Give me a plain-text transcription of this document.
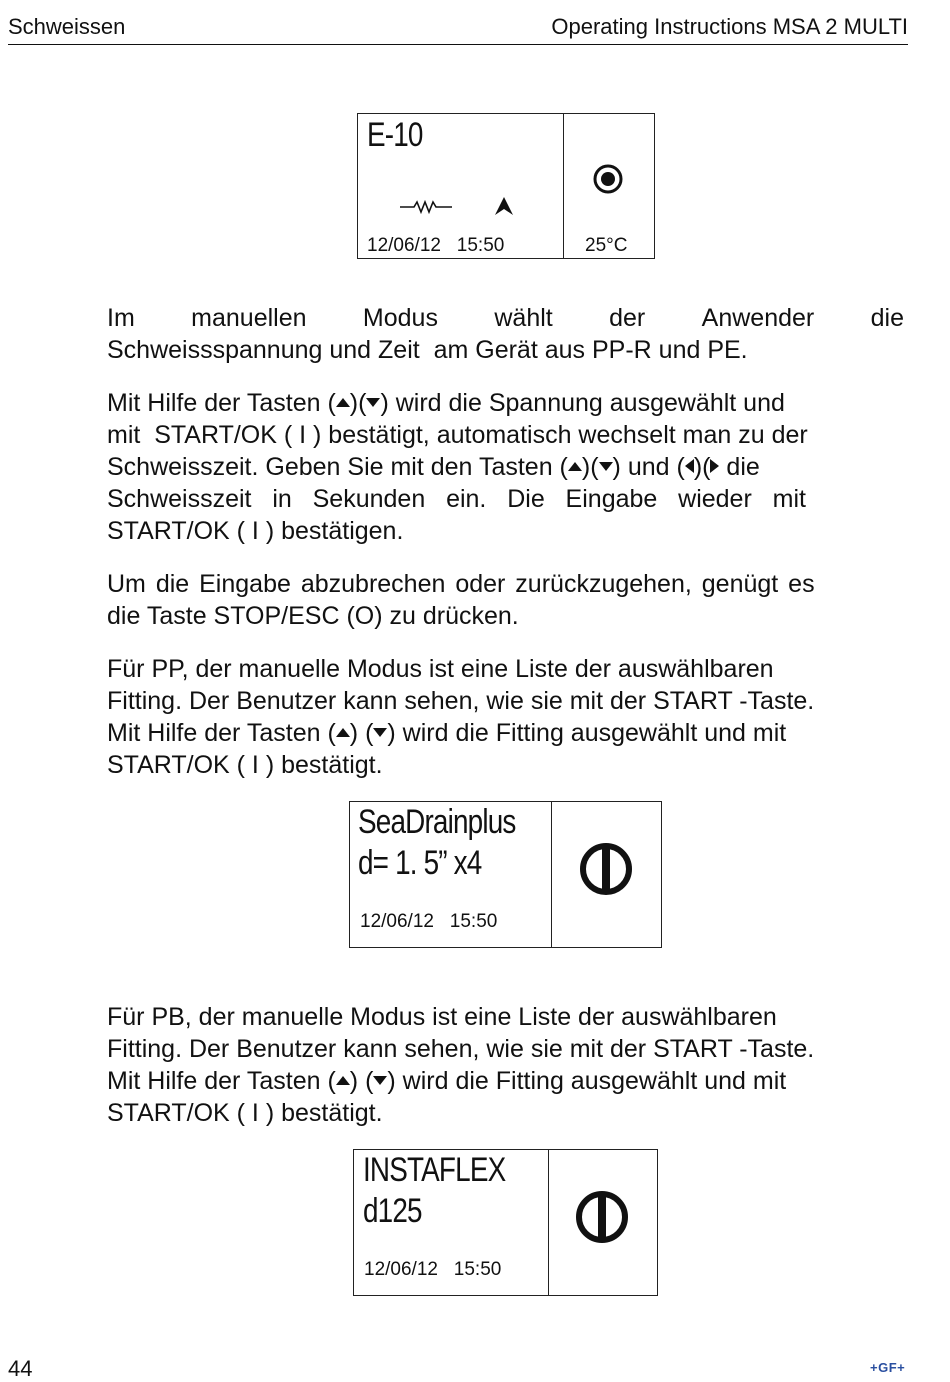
Schweissen	Operating Instructions MSA 2 MULTI
E-10
12/06/12   15:50	25°C
Im manuellen Modus wählt der Anwender die
Schweissspannung und Zeit  am Gerät aus PP-R und PE.
Mit Hilfe der Tasten ( )( ) wird die Spannung ausgewählt und
mit  START/OK ( I ) bestätigt, automatisch wechselt man zu der
Schweisszeit. Geben Sie mit den Tasten ( )( ) und ( )( die
Schweisszeit   in   Sekunden   ein.   Die   Eingabe   wieder   mit
START/OK ( I ) bestätigen.
Um die Eingabe abzubrechen oder zurückzugehen, genügt es
die Taste STOP/ESC (O) zu drücken.
Für PP, der manuelle Modus ist eine Liste der auswählbaren
Fitting. Der Benutzer kann sehen, wie sie mit der START -Taste.
Mit Hilfe der Tasten ( ) ( ) wird die Fitting ausgewählt und mit
START/OK ( I ) bestätigt.
SeaDrainplus
d= 1. 5” x4
12/06/12   15:50
Für PB, der manuelle Modus ist eine Liste der auswählbaren
Fitting. Der Benutzer kann sehen, wie sie mit der START -Taste.
Mit Hilfe der Tasten ( ) ( ) wird die Fitting ausgewählt und mit
START/OK ( I ) bestätigt.
INSTAFLEX
d125
12/06/12   15:50
44	+GF+
